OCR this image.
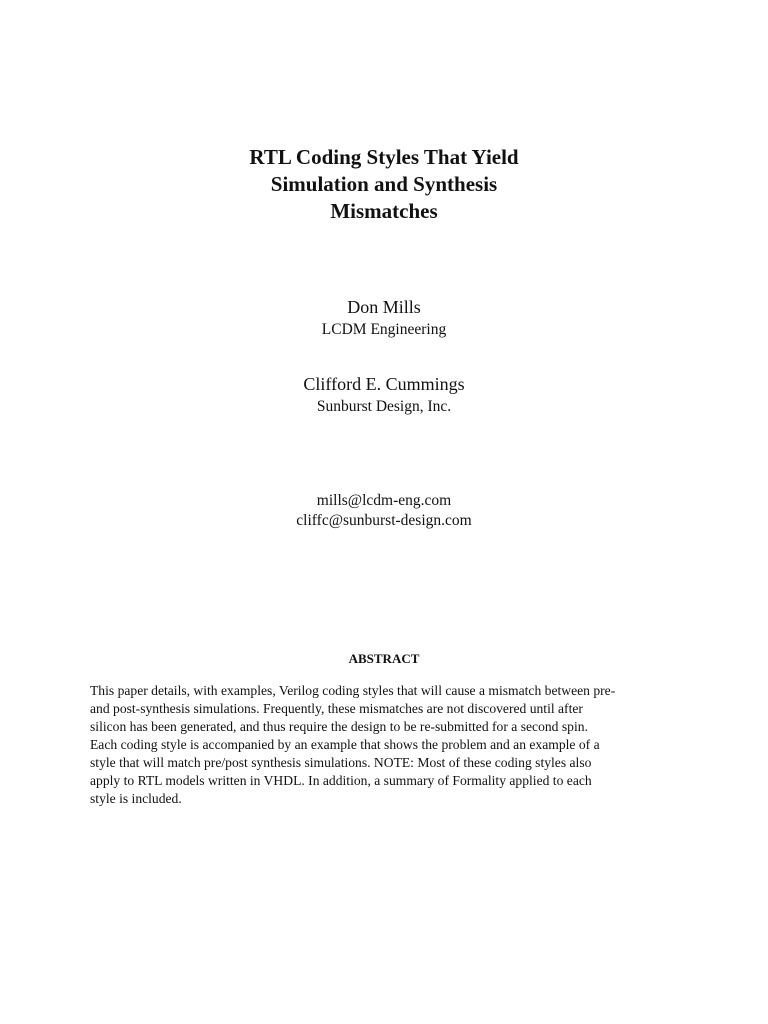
RTL Coding Styles That Yield
Simulation and Synthesis
Mismatches
Don Mills
LCDM Engineering
Clifford E. Cummings
Sunburst Design, Inc.
mills@lcdm-eng.com
cliffc@sunburst-design.com
ABSTRACT
This paper details, with examples, Verilog coding styles that will cause a mismatch between pre-
and post-synthesis simulations. Frequently, these mismatches are not discovered until after
silicon has been generated, and thus require the design to be re-submitted for a second spin.
Each coding style is accompanied by an example that shows the problem and an example of a
style that will match pre/post synthesis simulations. NOTE: Most of these coding styles also
apply to RTL models written in VHDL. In addition, a summary of Formality applied to each
style is included.
